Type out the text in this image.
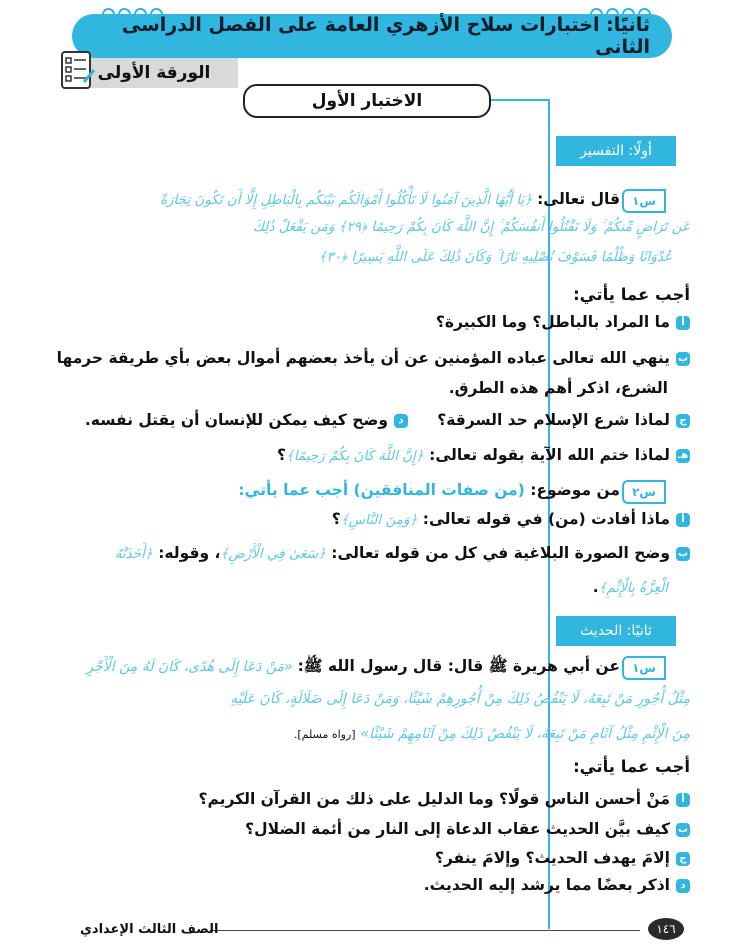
ثانيًا: اختبارات سلاح الأزهري العامة على الفصل الدراسى الثانى
الورقة الأولى
الاختبار الأول
أولًا: التفسير
س١
قال تعالى: ﴿يَا أَيُّهَا الَّذِينَ آمَنُوا لَا تَأْكُلُوا أَمْوَالَكُم بَيْنَكُم بِالْبَاطِلِ إِلَّا أَن تَكُونَ تِجَارَةً
عَن تَرَاضٍ مِّنكُمْ ۚ وَلَا تَقْتُلُوا أَنفُسَكُمْ ۚ إِنَّ اللَّهَ كَانَ بِكُمْ رَحِيمًا ﴿٢٩﴾ وَمَن يَفْعَلْ ذَٰلِكَ
عُدْوَانًا وَظُلْمًا فَسَوْفَ نُصْلِيهِ نَارًا ۚ وَكَانَ ذَٰلِكَ عَلَى اللَّهِ يَسِيرًا ﴿٣٠﴾
أجب عما يأتي:
أما المراد بالباطل؟ وما الكبيرة؟
بينهي الله تعالى عباده المؤمنين عن أن يأخذ بعضهم أموال بعض بأي طريقة حرمها
الشرع، اذكر أهم هذه الطرق.
جلماذا شرع الإسلام حد السرقة؟
دوضح كيف يمكن للإنسان أن يقتل نفسه.
هـلماذا ختم الله الآية بقوله تعالى: ﴿إِنَّ اللَّهَ كَانَ بِكُمْ رَحِيمًا﴾؟
س٢
من موضوع: (من صفات المنافقين) أجب عما يأتي:
أماذا أفادت (من) في قوله تعالى: ﴿وَمِنَ النَّاسِ﴾؟
بوضح الصورة البلاغية في كل من قوله تعالى: ﴿سَعَىٰ فِي الْأَرْضِ﴾، وقوله: ﴿أَخَذَتْهُ
الْعِزَّةُ بِالْإِثْمِ﴾.
ثانيًا: الحديث
س١
عن أبي هريرة ﷺ قال: قال رسول الله ﷺ: «مَنْ دَعَا إِلَى هُدًى، كَانَ لَهُ مِنَ الْأَجْرِ
مِثْلُ أُجُورِ مَنْ تَبِعَهُ، لَا يَنْقُصُ ذَلِكَ مِنْ أُجُورِهِمْ شَيْئًا، وَمَنْ دَعَا إِلَى ضَلَالَةٍ، كَانَ عَلَيْهِ
مِنَ الْإِثْمِ مِثْلُ آثَامِ مَنْ تَبِعَهُ، لَا يَنْقُصُ ذَلِكَ مِنْ آثَامِهِمْ شَيْئًا» [رواه مسلم].
أجب عما يأتي:
أمَنْ أحسن الناس قولًا؟ وما الدليل على ذلك من القرآن الكريم؟
بكيف بيَّن الحديث عقاب الدعاة إلى النار من أئمة الضلال؟
جإلامَ يهدف الحديث؟ وإلامَ ينفر؟
داذكر بعضًا مما يرشد إليه الحديث.
الصف الثالث الإعدادي	١٤٦
